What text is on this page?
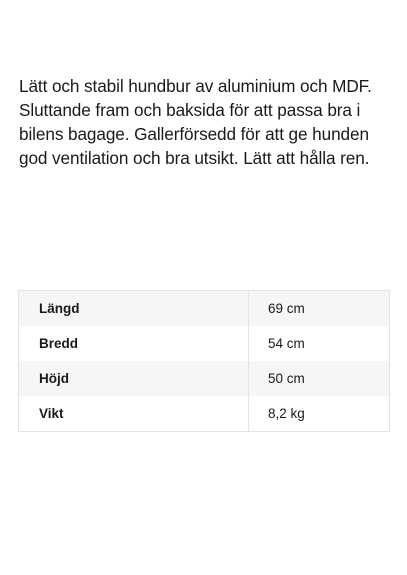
Lätt och stabil hundbur av aluminium och MDF. Sluttande fram och baksida för att passa bra i bilens bagage. Gallerförsedd för att ge hunden god ventilation och bra utsikt. Lätt att hålla ren.

Längd	69 cm
Bredd	54 cm
Höjd	50 cm
Vikt	8,2 kg
